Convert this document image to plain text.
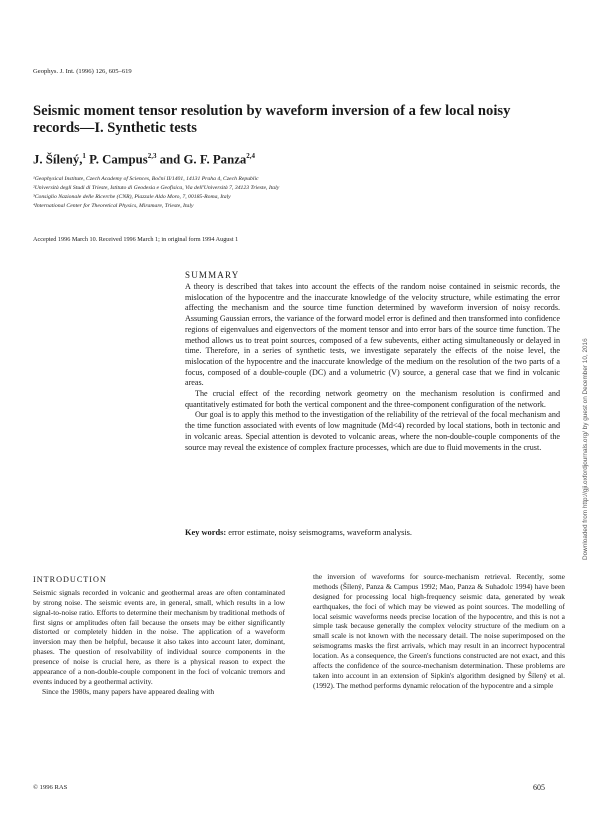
Geophys. J. Int. (1996) 126, 605–619
Seismic moment tensor resolution by waveform inversion of a few local noisy records—I. Synthetic tests
J. Šílený,$^1$ P. Campus$^{2,3}$ and G. F. Panza$^{2,4}$
¹Geophysical Institute, Czech Academy of Sciences, Boční II/1401, 14131 Praha 4, Czech Republic
²Università degli Studi di Trieste, Istituto di Geodesia e Geofisica, Via dell'Università 7, 34123 Trieste, Italy
³Consiglio Nazionale delle Ricerche (CNR), Piazzale Aldo Moro, 7, 00185-Roma, Italy
⁴International Center for Theoretical Physics, Miramare, Trieste, Italy
Accepted 1996 March 10. Received 1996 March 1; in original form 1994 August 1
SUMMARY

A theory is described that takes into account the effects of the random noise contained in seismic records, the mislocation of the hypocentre and the inaccurate knowledge of the velocity structure, while estimating the error affecting the mechanism and the source time function determined by waveform inversion of noisy records. Assuming Gaussian errors, the variance of the forward model error is defined and then transformed into confidence regions of eigenvalues and eigenvectors of the moment tensor and into error bars of the source time function. The method allows us to treat point sources, composed of a few subevents, either acting simultaneously or delayed in time. Therefore, in a series of synthetic tests, we investigate separately the effects of the noise level, the mislocation of the hypocentre and the inaccurate knowledge of the medium on the resolution of the two parts of a focus, composed of a double-couple (DC) and a volumetric (V) source, a general case that we find in volcanic areas.

The crucial effect of the recording network geometry on the mechanism resolution is confirmed and quantitatively estimated for both the vertical component and the three-component configuration of the network.

Our goal is to apply this method to the investigation of the reliability of the retrieval of the focal mechanism and the time function associated with events of low magnitude (Md<4) recorded by local stations, both in tectonic and in volcanic areas. Special attention is devoted to volcanic areas, where the non-double-couple components of the source may reveal the existence of complex fracture processes, which are due to fluid movements in the crust.

Key words: error estimate, noisy seismograms, waveform analysis.
INTRODUCTION

Seismic signals recorded in volcanic and geothermal areas are often contaminated by strong noise. The seismic events are, in general, small, which results in a low signal-to-noise ratio. Efforts to determine their mechanism by traditional methods of first signs or amplitudes often fail because the onsets may be either significantly distorted or completely hidden in the noise. The application of a waveform inversion may then be helpful, because it also takes into account later, dominant, phases. The question of resolvability of individual source components in the presence of noise is crucial here, as there is a physical reason to expect the appearance of a non-double-couple component in the foci of volcanic tremors and events induced by a geothermal activity.

Since the 1980s, many papers have appeared dealing with

the inversion of waveforms for source-mechanism retrieval. Recently, some methods (Šílený, Panza & Campus 1992; Mao, Panza & Suhadolc 1994) have been designed for processing local high-frequency seismic data, generated by weak earthquakes, the foci of which may be viewed as point sources. The modelling of local seismic waveforms needs precise location of the hypocentre, and this is not a simple task because generally the complex velocity structure of the medium on a small scale is not known with the necessary detail. The noise superimposed on the seismograms masks the first arrivals, which may result in an incorrect hypocentral location. As a consequence, the Green's functions constructed are not exact, and this affects the confidence of the source-mechanism determination. These problems are taken into account in an extension of Sipkin's algorithm designed by Šílený et al. (1992). The method performs dynamic relocation of the hypocentre and a simple

© 1996 RAS	605
Downloaded from http://gji.oxfordjournals.org/ by guest on December 10, 2016
